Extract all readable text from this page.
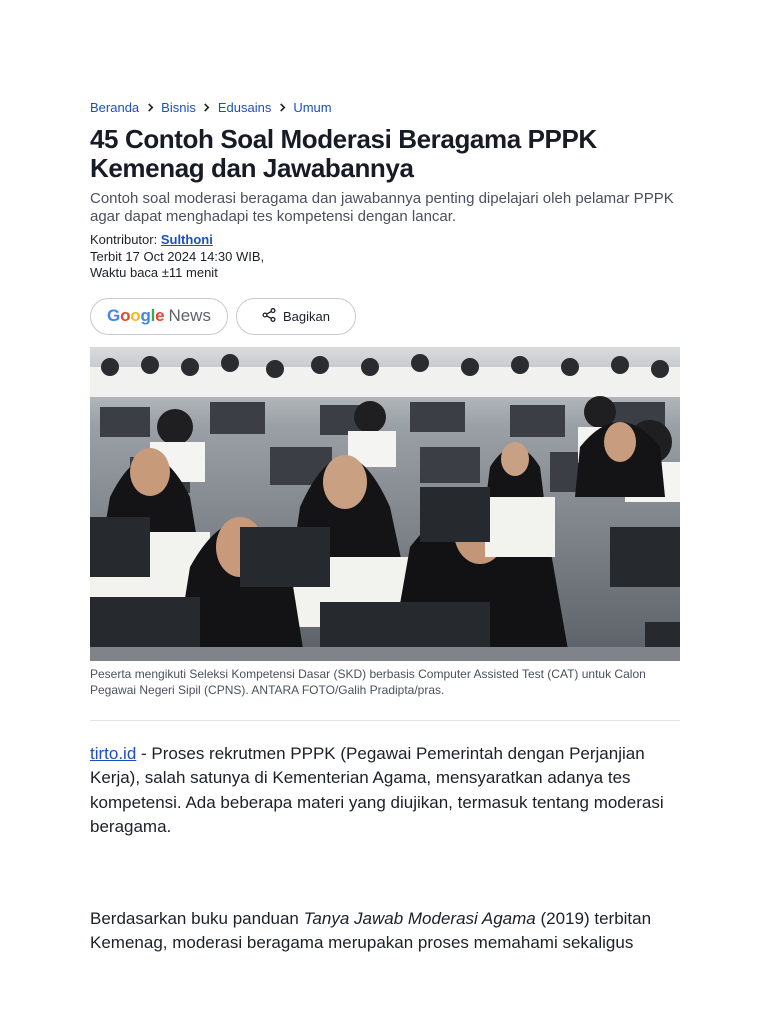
Beranda Bisnis Edusains Umum
45 Contoh Soal Moderasi Beragama PPPK Kemenag dan Jawabannya

Contoh soal moderasi beragama dan jawabannya penting dipelajari oleh pelamar PPPK agar dapat menghadapi tes kompetensi dengan lancar.

Kontributor: Sulthoni
Terbit 17 Oct 2024 14:30 WIB,
Waktu baca ±11 menit
Google News	Bagikan

Peserta mengikuti Seleksi Kompetensi Dasar (SKD) berbasis Computer Assisted Test (CAT) untuk Calon Pegawai Negeri Sipil (CPNS). ANTARA FOTO/Galih Pradipta/pras.

tirto.id - Proses rekrutmen PPPK (Pegawai Pemerintah dengan Perjanjian Kerja), salah satunya di Kementerian Agama, mensyaratkan adanya tes kompetensi. Ada beberapa materi yang diujikan, termasuk tentang moderasi beragama.

Berdasarkan buku panduan Tanya Jawab Moderasi Agama (2019) terbitan Kemenag, moderasi beragama merupakan proses memahami sekaligus
